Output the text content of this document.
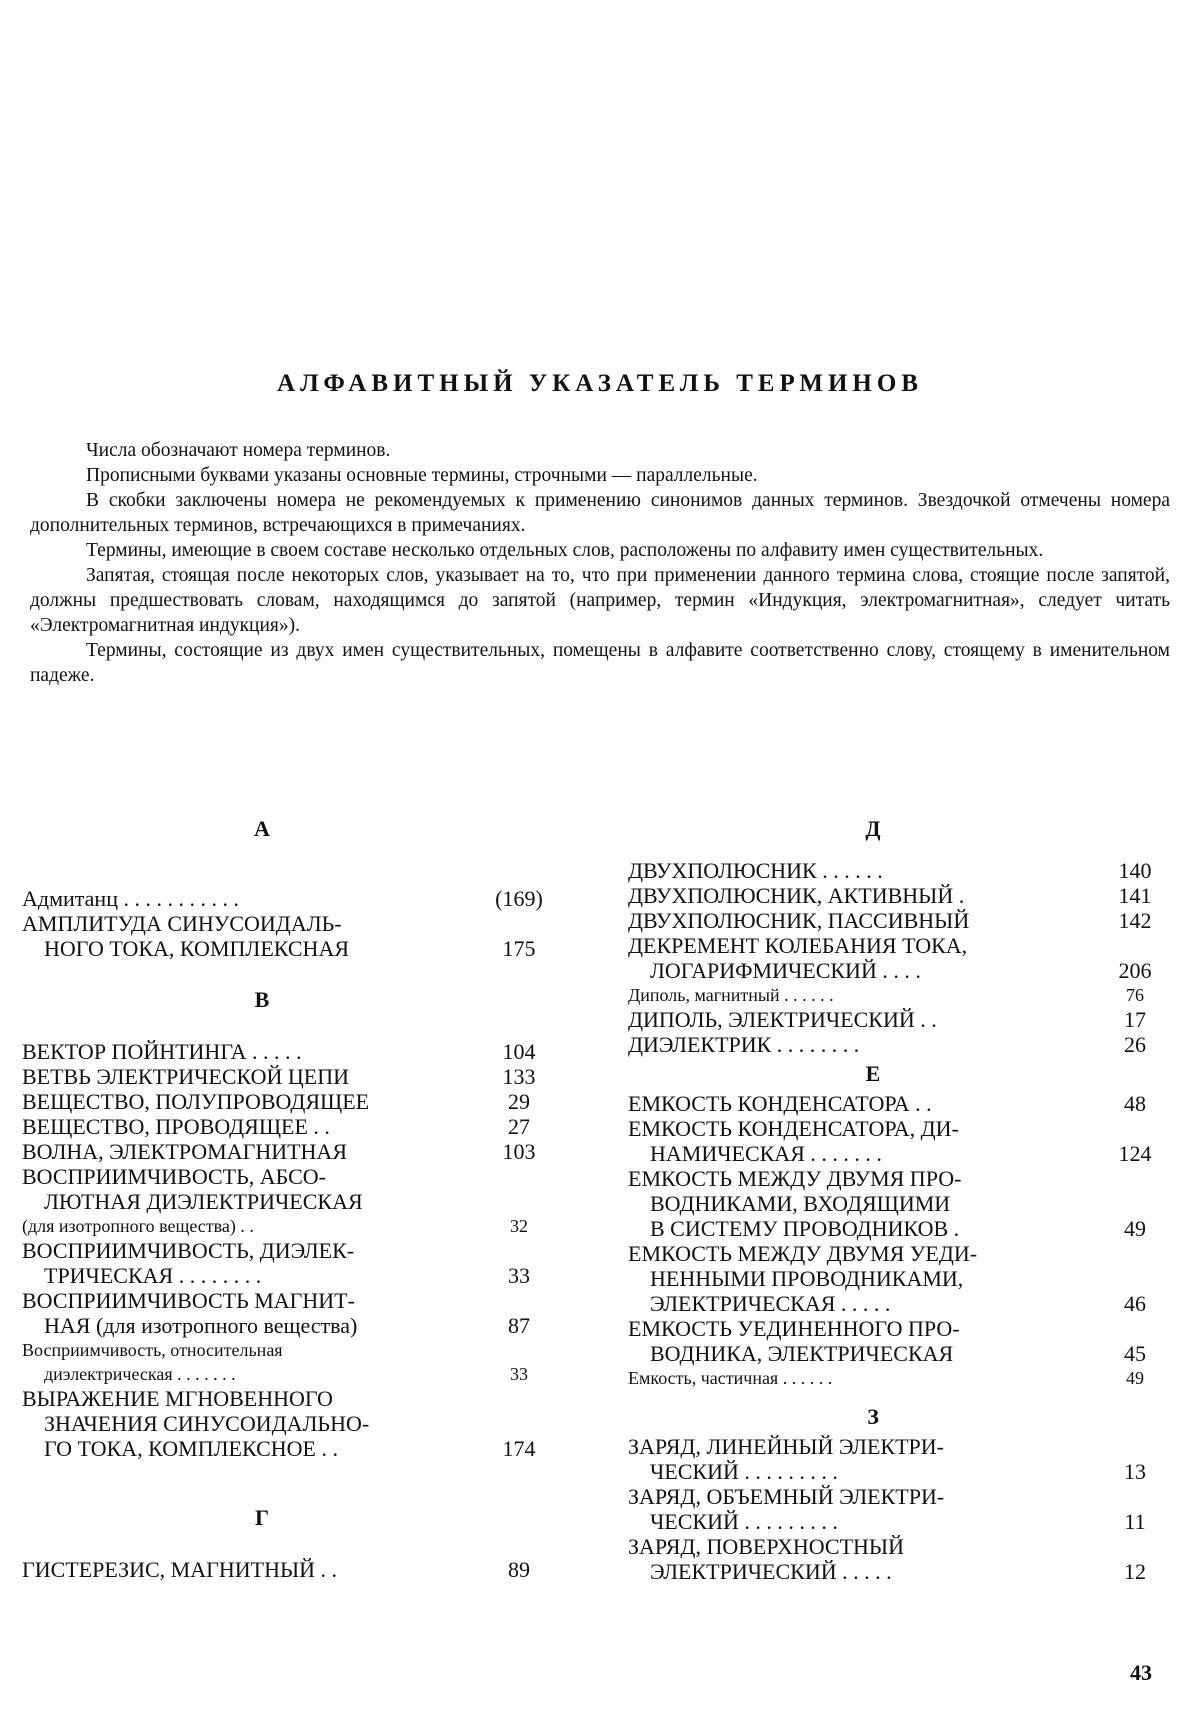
АЛФАВИТНЫЙ УКАЗАТЕЛЬ ТЕРМИНОВ

Числа обозначают номера терминов.

Прописными буквами указаны основные термины, строчными — параллельные.

В скобки заключены номера не рекомендуемых к применению синонимов данных терминов. Звездочкой отмечены номера дополнительных терминов, встречающихся в примечаниях.

Термины, имеющие в своем составе несколько отдельных слов, расположены по алфавиту имен существительных.

Запятая, стоящая после некоторых слов, указывает на то, что при применении данного термина слова, стоящие после запятой, должны предшествовать словам, находящимся до запятой (например, термин «Индукция, электромагнитная», следует читать «Электромагнитная индукция»).

Термины, состоящие из двух имен существительных, помещены в алфавите соответственно слову, стоящему в именительном падеже.

А
Адмитанц . . . . . . . . . . .	(169)
АМПЛИТУДА СИНУСОИДАЛЬ-
НОГО ТОКА, КОМПЛЕКСНАЯ	175
В
ВЕКТОР ПОЙНТИНГА . . . . .	104
ВЕТВЬ ЭЛЕКТРИЧЕСКОЙ ЦЕПИ	133
ВЕЩЕСТВО, ПОЛУПРОВОДЯЩЕЕ	29
ВЕЩЕСТВО, ПРОВОДЯЩЕЕ . .	27
ВОЛНА, ЭЛЕКТРОМАГНИТНАЯ	103
ВОСПРИИМЧИВОСТЬ, АБСО-
ЛЮТНАЯ ДИЭЛЕКТРИЧЕСКАЯ
(для изотропного вещества) . .	32
ВОСПРИИМЧИВОСТЬ, ДИЭЛЕК-
ТРИЧЕСКАЯ . . . . . . . .	33
ВОСПРИИМЧИВОСТЬ МАГНИТ-
НАЯ (для изотропного вещества)	87
Восприимчивость, относительная
диэлектрическая . . . . . . .	33
ВЫРАЖЕНИЕ МГНОВЕННОГО
ЗНАЧЕНИЯ СИНУСОИДАЛЬНО-
ГО ТОКА, КОМПЛЕКСНОЕ . .	174
Г
ГИСТЕРЕЗИС, МАГНИТНЫЙ . .	89
Д
ДВУХПОЛЮСНИК . . . . . .	140
ДВУХПОЛЮСНИК, АКТИВНЫЙ .	141
ДВУХПОЛЮСНИК, ПАССИВНЫЙ	142
ДЕКРЕМЕНТ КОЛЕБАНИЯ ТОКА,
ЛОГАРИФМИЧЕСКИЙ . . . .	206
Диполь, магнитный . . . . . .	76
ДИПОЛЬ, ЭЛЕКТРИЧЕСКИЙ . .	17
ДИЭЛЕКТРИК . . . . . . . .	26
Е
ЕМКОСТЬ КОНДЕНСАТОРА . .	48
ЕМКОСТЬ КОНДЕНСАТОРА, ДИ-
НАМИЧЕСКАЯ . . . . . . .	124
ЕМКОСТЬ МЕЖДУ ДВУМЯ ПРО-
ВОДНИКАМИ, ВХОДЯЩИМИ
В СИСТЕМУ ПРОВОДНИКОВ .	49
ЕМКОСТЬ МЕЖДУ ДВУМЯ УЕДИ-
НЕННЫМИ ПРОВОДНИКАМИ,
ЭЛЕКТРИЧЕСКАЯ . . . . .	46
ЕМКОСТЬ УЕДИНЕННОГО ПРО-
ВОДНИКА, ЭЛЕКТРИЧЕСКАЯ	45
Емкость, частичная . . . . . .	49
З
ЗАРЯД, ЛИНЕЙНЫЙ ЭЛЕКТРИ-
ЧЕСКИЙ . . . . . . . . .	13
ЗАРЯД, ОБЪЕМНЫЙ ЭЛЕКТРИ-
ЧЕСКИЙ . . . . . . . . .	11
ЗАРЯД, ПОВЕРХНОСТНЫЙ
ЭЛЕКТРИЧЕСКИЙ . . . . .	12
43
